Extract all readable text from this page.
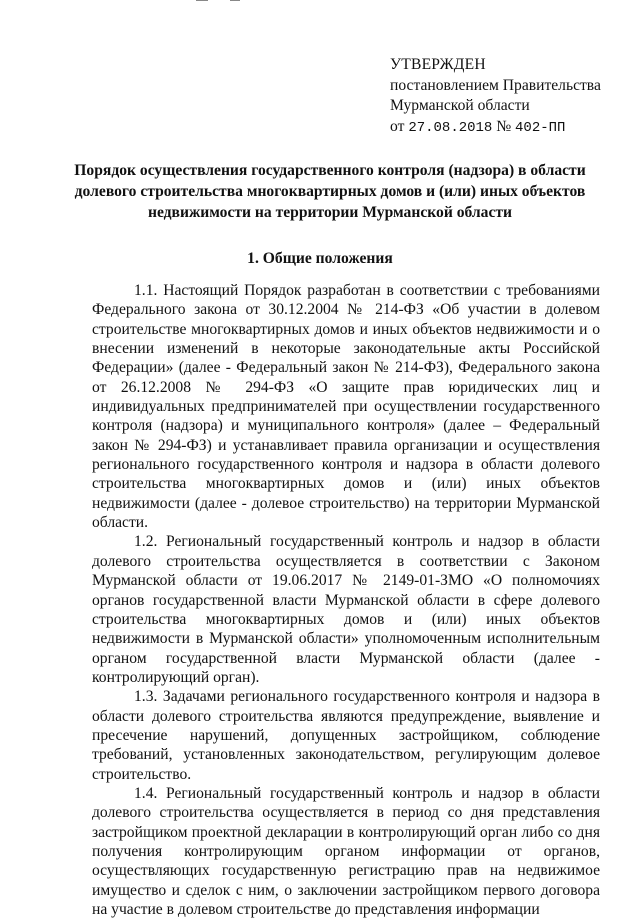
УТВЕРЖДЕН
постановлением Правительства
Мурманской области
от 27.08.2018 № 402-ПП
Порядок осуществления государственного контроля (надзора) в области
долевого строительства многоквартирных домов и (или) иных объектов
недвижимости на территории Мурманской области
1. Общие положения

1.1. Настоящий Порядок разработан в соответствии с требованиями Федерального закона от 30.12.2004 № 214-ФЗ «Об участии в долевом строительстве многоквартирных домов и иных объектов недвижимости и о внесении изменений в некоторые законодательные акты Российской Федерации» (далее - Федеральный закон № 214-ФЗ), Федерального закона от 26.12.2008 № 294-ФЗ «О защите прав юридических лиц и индивидуальных предпринимателей при осуществлении государственного контроля (надзора) и муниципального контроля» (далее – Федеральный закон № 294-ФЗ) и устанавливает правила организации и осуществления регионального государственного контроля и надзора в области долевого строительства многоквартирных домов и (или) иных объектов недвижимости (далее - долевое строительство) на территории Мурманской области.

1.2. Региональный государственный контроль и надзор в области долевого строительства осуществляется в соответствии с Законом Мурманской области от 19.06.2017 № 2149-01-ЗМО «О полномочиях органов государственной власти Мурманской области в сфере долевого строительства многоквартирных домов и (или) иных объектов недвижимости в Мурманской области» уполномоченным исполнительным органом государственной власти Мурманской области (далее - контролирующий орган).

1.3. Задачами регионального государственного контроля и надзора в области долевого строительства являются предупреждение, выявление и пресечение нарушений, допущенных застройщиком, соблюдение требований, установленных законодательством, регулирующим долевое строительство.

1.4. Региональный государственный контроль и надзор в области долевого строительства осуществляется в период со дня представления застройщиком проектной декларации в контролирующий орган либо со дня получения контролирующим органом информации от органов, осуществляющих государственную регистрацию прав на недвижимое имущество и сделок с ним, о заключении застройщиком первого договора на участие в долевом строительстве до представления информации
